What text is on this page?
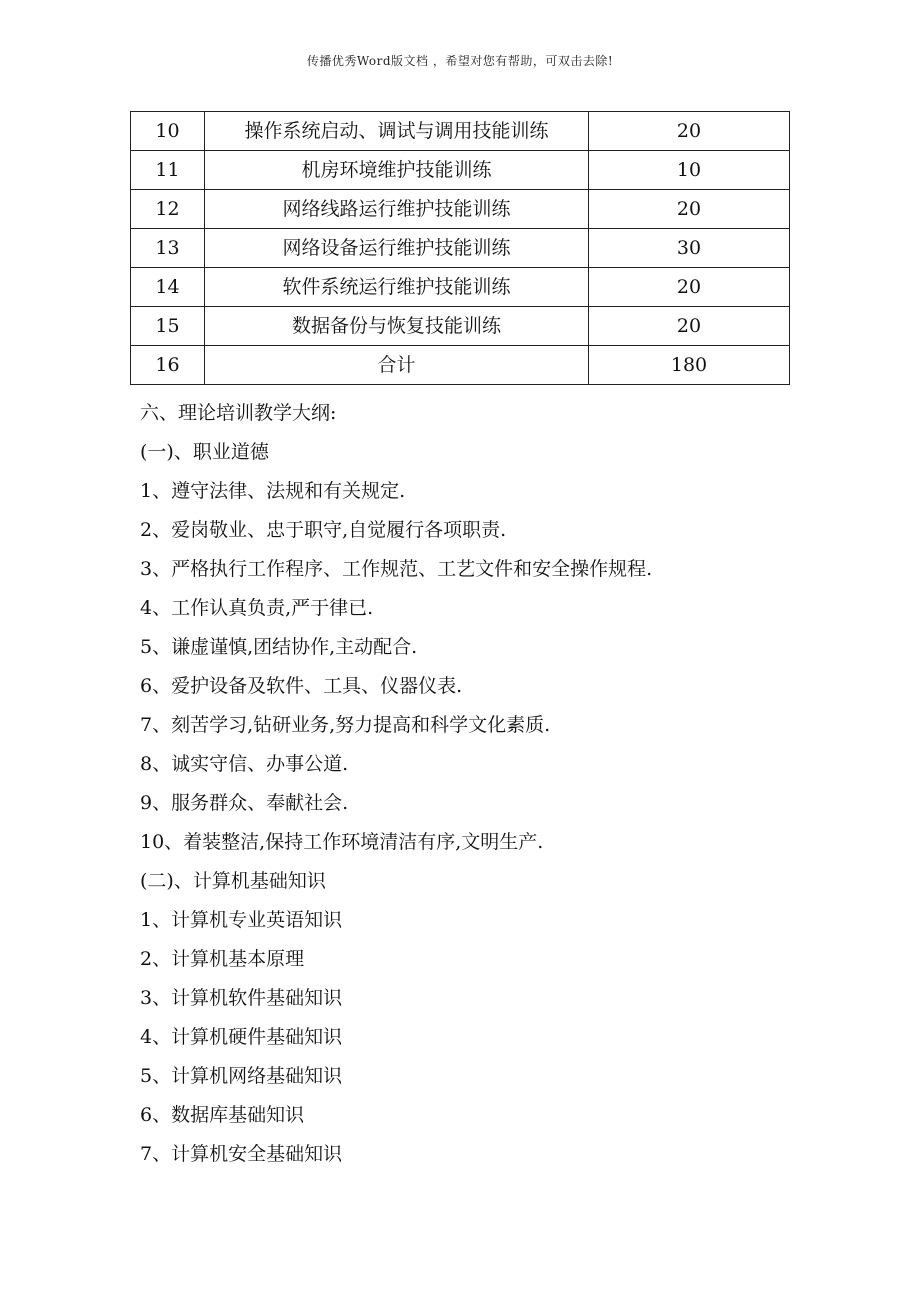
传播优秀Word版文档 ，希望对您有帮助，可双击去除!
10	操作系统启动、调试与调用技能训练	20
11	机房环境维护技能训练	10
12	网络线路运行维护技能训练	20
13	网络设备运行维护技能训练	30
14	软件系统运行维护技能训练	20
15	数据备份与恢复技能训练	20
16	合计	180
六、理论培训教学大纲:
(一)、职业道德
1、遵守法律、法规和有关规定.
2、爱岗敬业、忠于职守,自觉履行各项职责.
3、严格执行工作程序、工作规范、工艺文件和安全操作规程.
4、工作认真负责,严于律已.
5、谦虚谨慎,团结协作,主动配合.
6、爱护设备及软件、工具、仪器仪表.
7、刻苦学习,钻研业务,努力提高和科学文化素质.
8、诚实守信、办事公道.
9、服务群众、奉献社会.
10、着装整洁,保持工作环境清洁有序,文明生产.
(二)、计算机基础知识
1、计算机专业英语知识
2、计算机基本原理
3、计算机软件基础知识
4、计算机硬件基础知识
5、计算机网络基础知识
6、数据库基础知识
7、计算机安全基础知识
